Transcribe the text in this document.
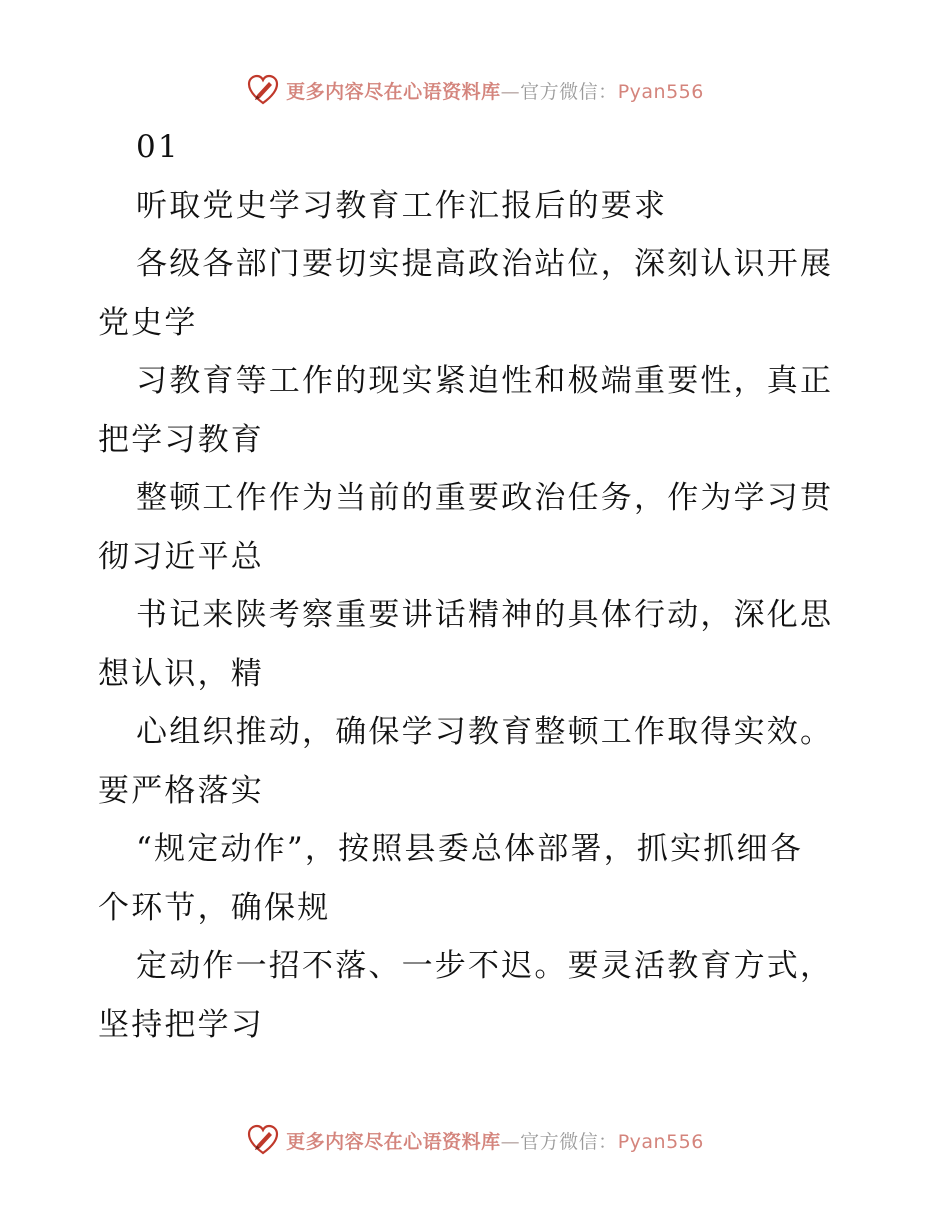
更多内容尽在心语资料库—官方微信：Pyan556
01
听取党史学习教育工作汇报后的要求
各级各部门要切实提高政治站位，深刻认识开展
党史学
习教育等工作的现实紧迫性和极端重要性，真正
把学习教育
整顿工作作为当前的重要政治任务，作为学习贯
彻习近平总
书记来陕考察重要讲话精神的具体行动，深化思
想认识，精
心组织推动，确保学习教育整顿工作取得实效。
要严格落实
“规定动作”，按照县委总体部署，抓实抓细各
个环节，确保规
定动作一招不落、一步不迟。要灵活教育方式，
坚持把学习
更多内容尽在心语资料库—官方微信：Pyan556
